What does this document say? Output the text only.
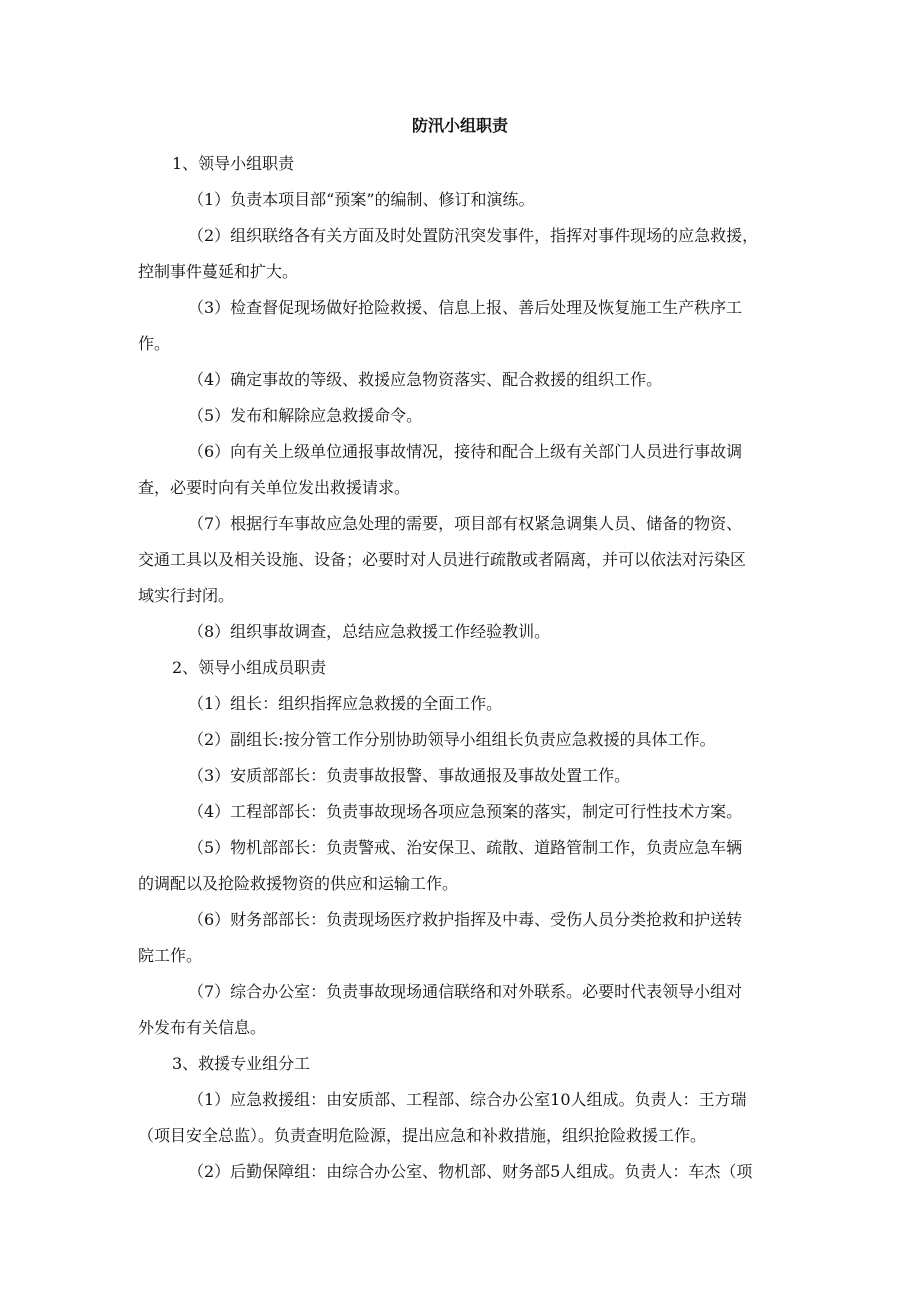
防汛小组职责

1、领导小组职责

（1）负责本项目部“预案”的编制、修订和演练。

（2）组织联络各有关方面及时处置防汛突发事件，指挥对事件现场的应急救援，

控制事件蔓延和扩大。

（3）检查督促现场做好抢险救援、信息上报、善后处理及恢复施工生产秩序工

作。

（4）确定事故的等级、救援应急物资落实、配合救援的组织工作。

（5）发布和解除应急救援命令。

（6）向有关上级单位通报事故情况，接待和配合上级有关部门人员进行事故调

查，必要时向有关单位发出救援请求。

（7）根据行车事故应急处理的需要，项目部有权紧急调集人员、储备的物资、

交通工具以及相关设施、设备；必要时对人员进行疏散或者隔离，并可以依法对污染区

域实行封闭。

（8）组织事故调查，总结应急救援工作经验教训。

2、领导小组成员职责

（1）组长：组织指挥应急救援的全面工作。

（2）副组长:按分管工作分别协助领导小组组长负责应急救援的具体工作。

（3）安质部部长：负责事故报警、事故通报及事故处置工作。

（4）工程部部长：负责事故现场各项应急预案的落实，制定可行性技术方案。

（5）物机部部长：负责警戒、治安保卫、疏散、道路管制工作，负责应急车辆

的调配以及抢险救援物资的供应和运输工作。

（6）财务部部长：负责现场医疗救护指挥及中毒、受伤人员分类抢救和护送转

院工作。

（7）综合办公室：负责事故现场通信联络和对外联系。必要时代表领导小组对

外发布有关信息。

3、救援专业组分工

（1）应急救援组：由安质部、工程部、综合办公室10人组成。负责人：王方瑞

（项目安全总监）。负责查明危险源，提出应急和补救措施，组织抢险救援工作。

（2）后勤保障组：由综合办公室、物机部、财务部5人组成。负责人：车杰（项
